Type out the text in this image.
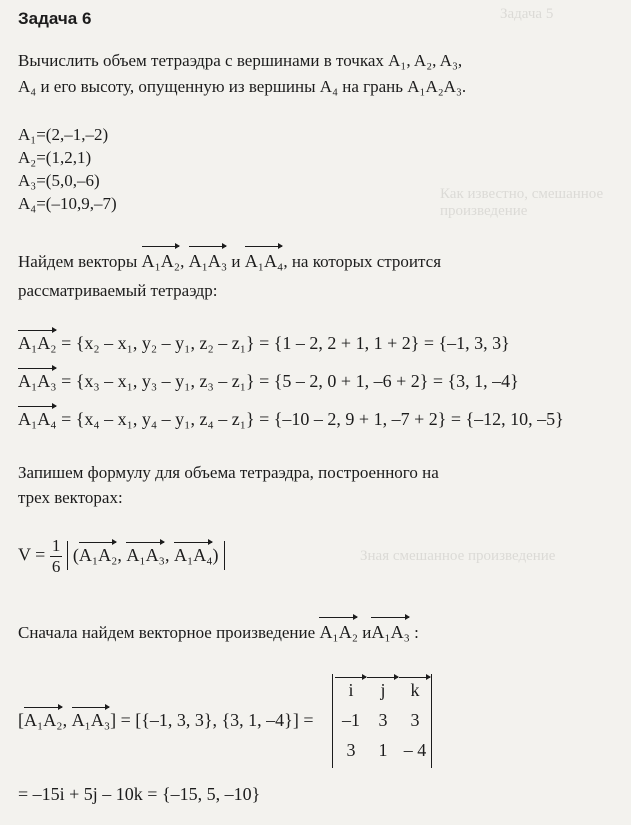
Задача 5
Как известно, смешанное произведение
Зная смешанное произведение
Задача 6
Вычислить объем тетраэдра с вершинами в точках A₁, A₂, A₃,
A₄ и его высоту, опущенную из вершины A₄ на грань A₁A₂A₃.
A₁=(2,–1,–2)
A₂=(1,2,1)
A₃=(5,0,–6)
A₄=(–10,9,–7)
Найдем векторы A₁A₂, A₁A₃ и A₁A₄, на которых строится
рассматриваемый тетраэдр:
A₁A₂ = {x₂ – x₁, y₂ – y₁, z₂ – z₁} = {1 – 2, 2 + 1, 1 + 2} = {–1, 3, 3}
A₁A₃ = {x₃ – x₁, y₃ – y₁, z₃ – z₁} = {5 – 2, 0 + 1, –6 + 2} = {3, 1, –4}
A₁A₄ = {x₄ – x₁, y₄ – y₁, z₄ – z₁} = {–10 – 2, 9 + 1, –7 + 2} = {–12, 10, –5}
Запишем формулу для объема тетраэдра, построенного на
трех векторах:
$V = \frac{1}{6} (A_1A_2$, A₁A₃, A₁A₄)
Сначала найдем векторное произведение A₁A₂ иA₁A₃ :
[A₁A₂, A₁A₃] = [{–1, 3, 3}, {3, 1, –4}] =
i	j	k
–1	3	3
3	1 – 4
= –15i + 5j – 10k = {–15, 5, –10}
